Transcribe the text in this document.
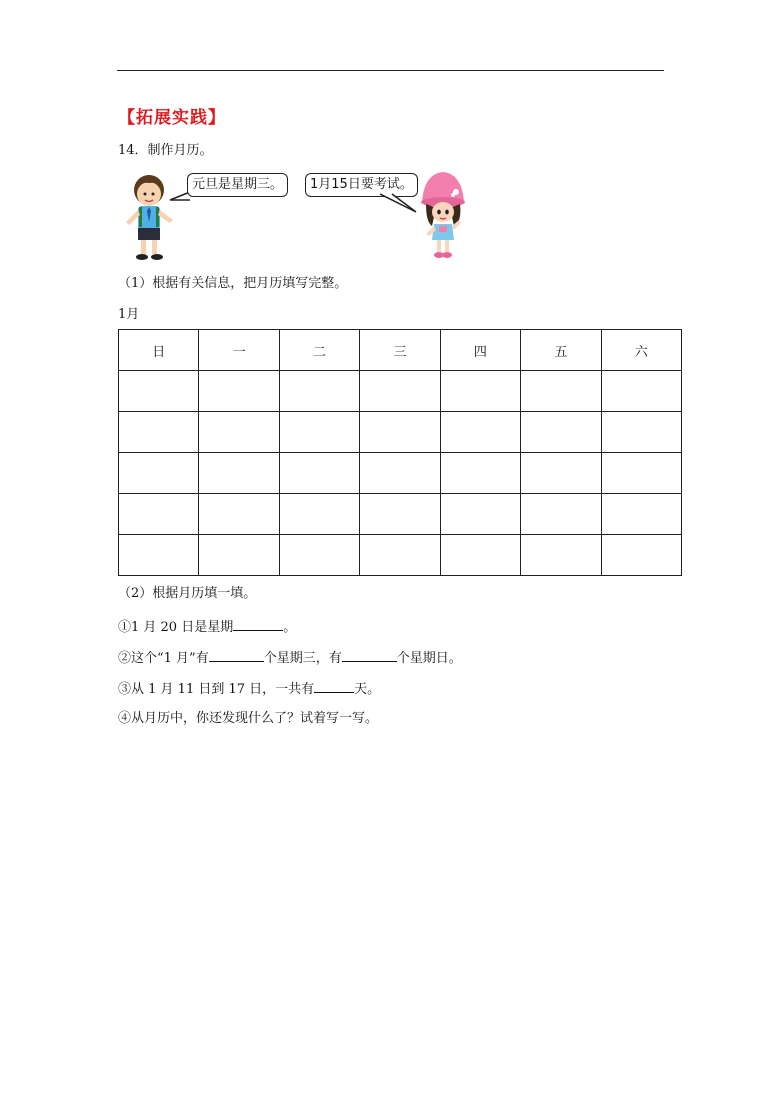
【拓展实践】
14．制作月历。
元旦是星期三。	1月15日要考试。
（1）根据有关信息，把月历填写完整。
1月
日	一	二	三	四	五	六

（2）根据月历填一填。
①1 月 20 日是星期	。
②这个“1 月”有	个星期三，有	个星期日。
③从 1 月 11 日到 17 日，一共有	天。
④从月历中，你还发现什么了？试着写一写。
